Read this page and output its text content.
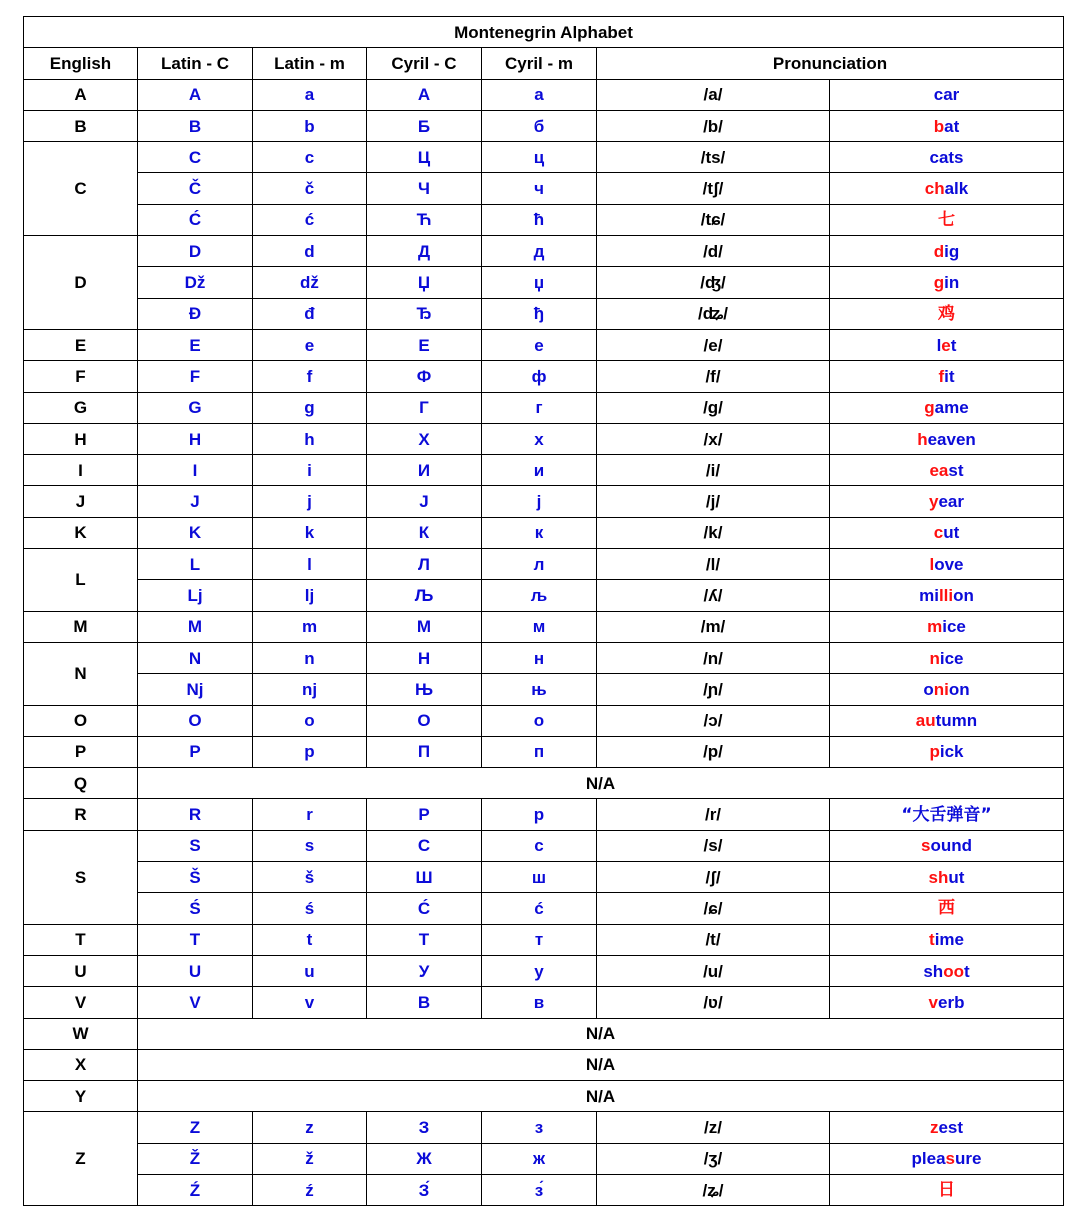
Montenegrin Alphabet						
English	Latin - C	Latin - m	Cyril - C	Cyril - m	Pronunciation	
A	A	a	А	а	/a/	car
B	B	b	Б	б	/b/	bat
C	C	c	Ц	ц	/ts/	cats
	Č	č	Ч	ч	/tʃ/	chalk
	Ć	ć	Ћ	ћ	/tɕ/	七
D	D	d	Д	д	/d/	dig
	Dž	dž	Џ	џ	/ʤ/	gin
	Đ	đ	Ђ	ђ	/ʥ/	鸡
E	E	e	Е	е	/e/	let
F	F	f	Ф	ф	/f/	fit
G	G	g	Г	г	/g/	game
H	H	h	Х	х	/x/	heaven
I	I	i	И	и	/i/	east
J	J	j	Ј	ј	/j/	year
K	K	k	К	к	/k/	cut
L	L	l	Л	л	/l/	love
	Lj	lj	Љ	љ	/ʎ/	million
M	M	m	М	м	/m/	mice
N	N	n	Н	н	/n/	nice
	Nj	nj	Њ	њ	/ɲ/	onion
O	O	o	О	о	/ɔ/	autumn
P	P	p	П	п	/p/	pick
Q	N/A					
R	R	r	Р	р	/r/	“大舌弹音”
S	S	s	С	с	/s/	sound
	Š	š	Ш	ш	/ʃ/	shut
	Ś	ś	Ć	ć	/ɕ/	西
T	T	t	Т	т	/t/	time
U	U	u	У	у	/u/	shoot
V	V	v	В	в	/ʋ/	verb
W	N/A					
X	N/A					
Y	N/A					
Z	Z	z	З	з	/z/	zest
	Ž	ž	Ж	ж	/ʒ/	pleasure
	Ź	ź	З́	з́	/ʑ/	日
